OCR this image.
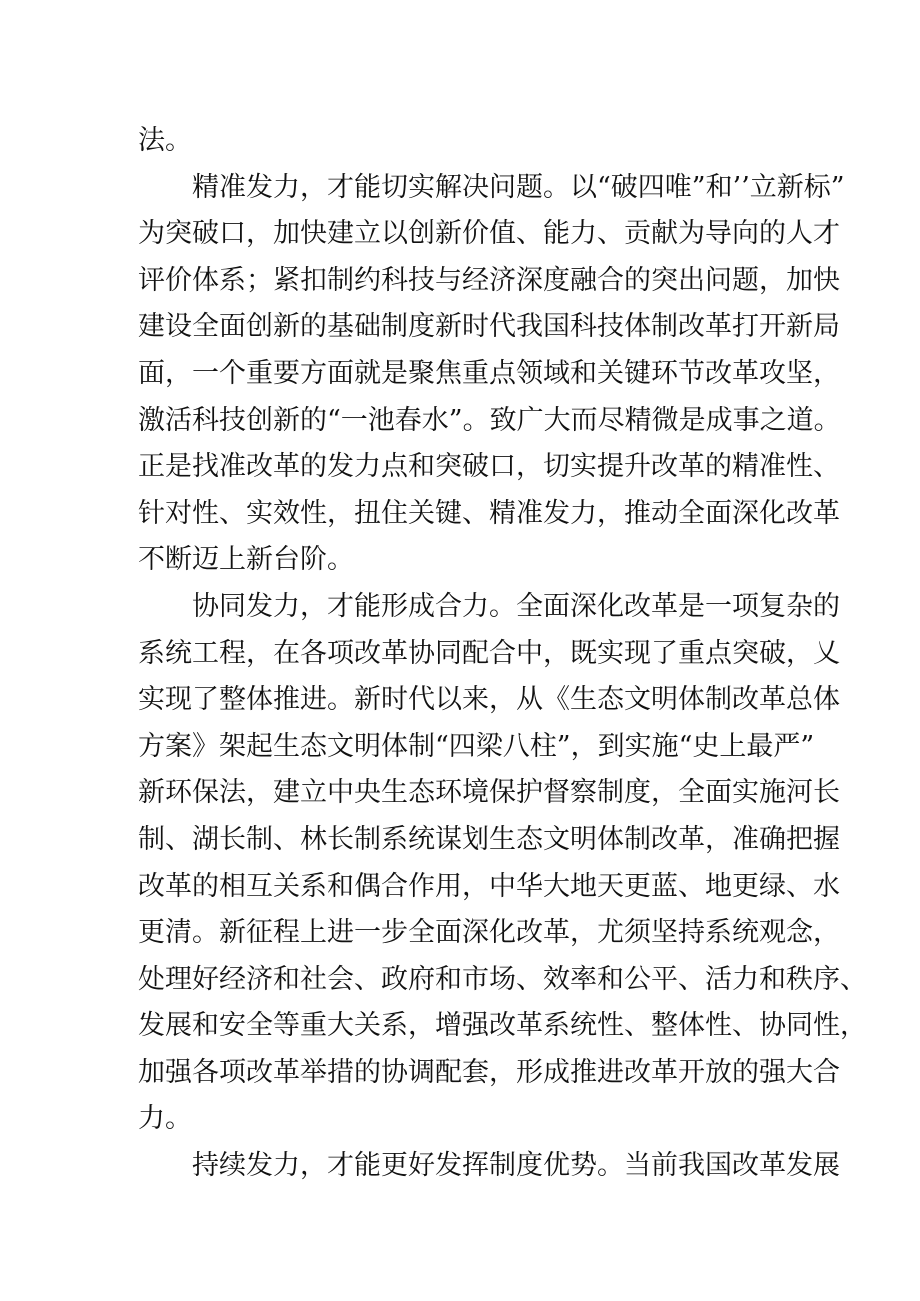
法。
精准发力，才能切实解决问题。以“破四唯”和’’立新标”
为突破口，加快建立以创新价值、能力、贡献为导向的人才
评价体系；紧扣制约科技与经济深度融合的突出问题，加快
建设全面创新的基础制度新时代我国科技体制改革打开新局
面，一个重要方面就是聚焦重点领域和关键环节改革攻坚，
激活科技创新的“一池春水”。致广大而尽精微是成事之道。
正是找准改革的发力点和突破口，切实提升改革的精准性、
针对性、实效性，扭住关键、精准发力，推动全面深化改革
不断迈上新台阶。
协同发力，才能形成合力。全面深化改革是一项复杂的
系统工程，在各项改革协同配合中，既实现了重点突破，乂
实现了整体推进。新时代以来，从《生态文明体制改革总体
方案》架起生态文明体制“四梁八柱”，到实施“史上最严”
新环保法，建立中央生态环境保护督察制度，全面实施河长
制、湖长制、林长制系统谋划生态文明体制改革，准确把握
改革的相互关系和偶合作用，中华大地天更蓝、地更绿、水
更清。新征程上进一步全面深化改革，尤须坚持系统观念，
处理好经济和社会、政府和市场、效率和公平、活力和秩序、
发展和安全等重大关系，增强改革系统性、整体性、协同性，
加强各项改革举措的协调配套，形成推进改革开放的强大合
力。
持续发力，才能更好发挥制度优势。当前我国改革发展
